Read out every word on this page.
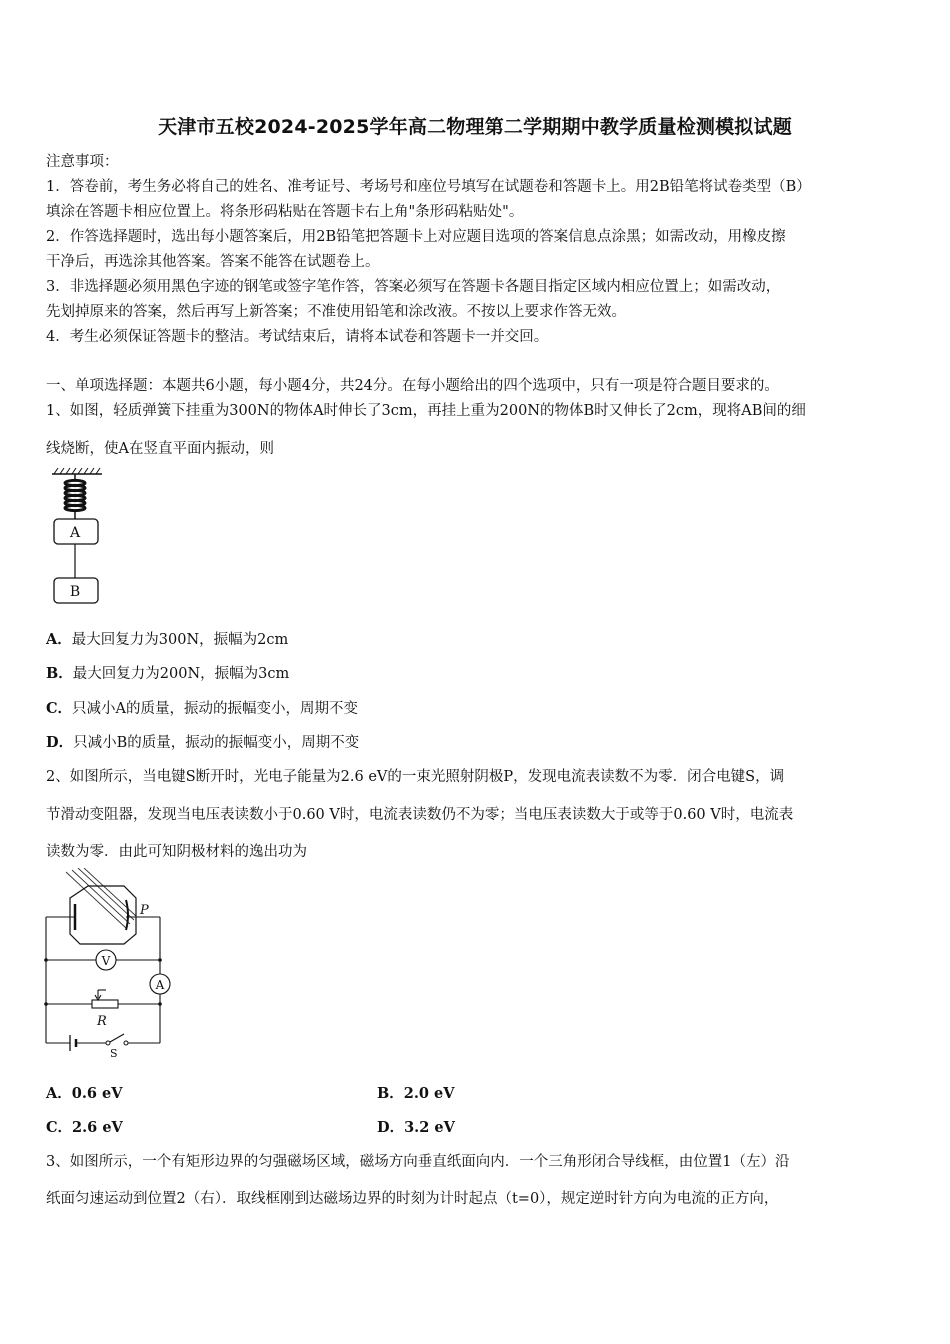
天津市五校2024-2025学年高二物理第二学期期中教学质量检测模拟试题
注意事项：
1．答卷前，考生务必将自己的姓名、准考证号、考场号和座位号填写在试题卷和答题卡上。用2B铅笔将试卷类型（B）
填涂在答题卡相应位置上。将条形码粘贴在答题卡右上角"条形码粘贴处"。
2．作答选择题时，选出每小题答案后，用2B铅笔把答题卡上对应题目选项的答案信息点涂黑；如需改动，用橡皮擦
干净后，再选涂其他答案。答案不能答在试题卷上。
3．非选择题必须用黑色字迹的钢笔或签字笔作答，答案必须写在答题卡各题目指定区域内相应位置上；如需改动，
先划掉原来的答案，然后再写上新答案；不准使用铅笔和涂改液。不按以上要求作答无效。
4．考生必须保证答题卡的整洁。考试结束后，请将本试卷和答题卡一并交回。
一、单项选择题：本题共6小题，每小题4分，共24分。在每小题给出的四个选项中，只有一项是符合题目要求的。
1、如图，轻质弹簧下挂重为300N的物体A时伸长了3cm，再挂上重为200N的物体B时又伸长了2cm，现将AB间的细
线烧断，使A在竖直平面内振动，则
A
B
A．最大回复力为300N，振幅为2cm
B．最大回复力为200N，振幅为3cm
C．只减小A的质量，振动的振幅变小，周期不变
D．只减小B的质量，振动的振幅变小，周期不变
2、如图所示，当电键S断开时，光电子能量为2.6 eV的一束光照射阴极P，发现电流表读数不为零．闭合电键S，调
节滑动变阻器，发现当电压表读数小于0.60 V时，电流表读数仍不为零；当电压表读数大于或等于0.60 V时，电流表
读数为零．由此可知阴极材料的逸出功为
P
V
A
R
S
A．0.6 eV	B．2.0 eV
C．2.6 eV	D．3.2 eV
3、如图所示，一个有矩形边界的匀强磁场区域，磁场方向垂直纸面向内．一个三角形闭合导线框，由位置1（左）沿
纸面匀速运动到位置2（右）．取线框刚到达磁场边界的时刻为计时起点（t=0），规定逆时针方向为电流的正方向，
